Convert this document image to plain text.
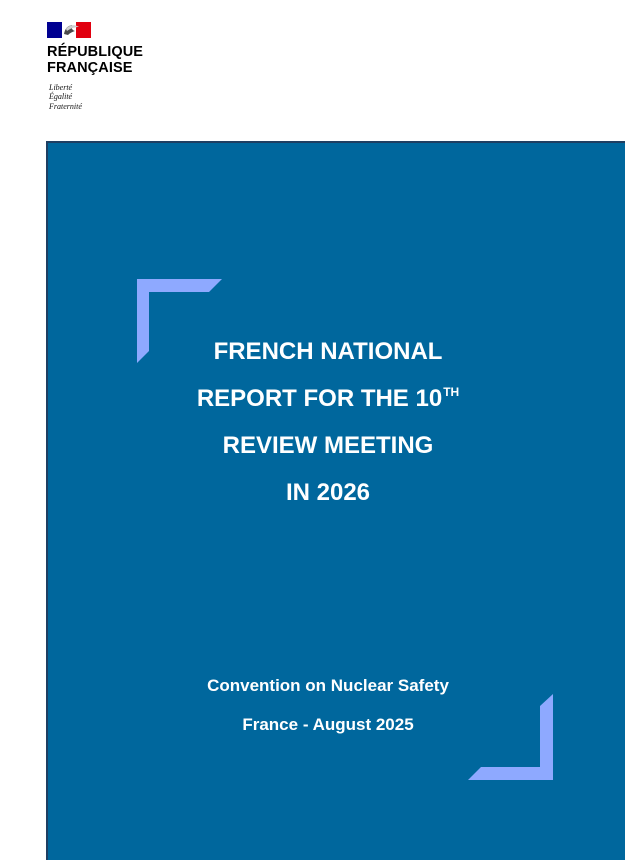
RÉPUBLIQUE
FRANÇAISE
Liberté
Égalité
Fraternité
FRENCH NATIONAL
REPORT FOR THE 10TH
REVIEW MEETING
IN 2026
Convention on Nuclear Safety
France - August 2025
